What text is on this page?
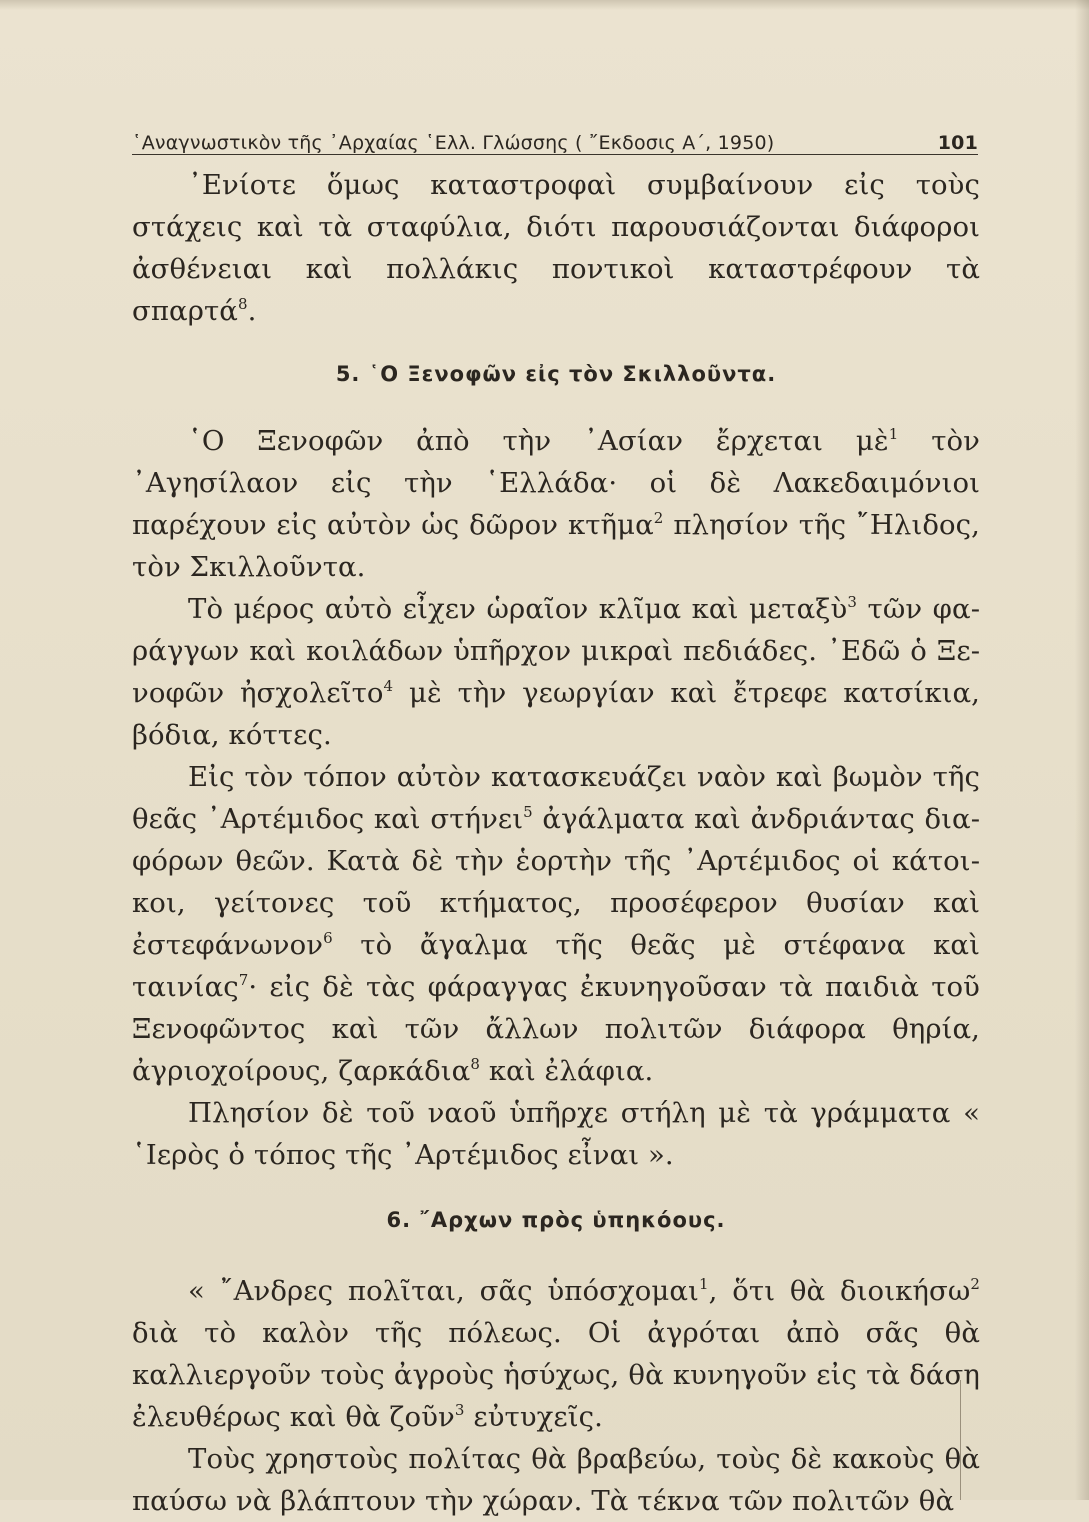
῾Αναγνωστικὸν τῆς ᾿Αρχαίας ῾Ελλ. Γλώσσης ( ῎Εκδοσις Α΄, 1950)	101

᾿Ενίοτε ὅμως καταστροφαὶ συμβαίνουν εἰς τοὺς στάχεις καὶ τὰ σταφύλια, διότι παρουσιάζονται διάφοροι ἀσθένειαι καὶ πολλάκις ποντικοὶ καταστρέφουν τὰ σπαρτά$^8$.

5. ῾Ο Ξενοφῶν εἰς τὸν Σκιλλοῦντα.

῾Ο Ξενοφῶν ἀπὸ τὴν ᾿Ασίαν ἔρχεται μὲ$^1$ τὸν ᾿Αγησίλαον εἰς τὴν ῾Ελλάδα· οἱ δὲ Λακεδαιμόνιοι παρέχουν εἰς αὐτὸν ὡς δῶρον κτῆμα$^2$ πλησίον τῆς ῎Ηλιδος, τὸν Σκιλλοῦντα.

Τὸ μέρος αὐτὸ εἶχεν ὡραῖον κλῖμα καὶ μεταξὺ$^3$ τῶν φαράγγων καὶ κοιλάδων ὑπῆρχον μικραὶ πεδιάδες. ᾿Εδῶ ὁ Ξενοφῶν ἠσχολεῖτο$^4$ μὲ τὴν γεωργίαν καὶ ἔτρεφε κατσίκια, βόδια, κόττες.

Εἰς τὸν τόπον αὐτὸν κατασκευάζει ναὸν καὶ βωμὸν τῆς θεᾶς ᾿Αρτέμιδος καὶ στήνει$^5$ ἀγάλματα καὶ ἀνδριάντας διαφόρων θεῶν. Κατὰ δὲ τὴν ἑορτὴν τῆς ᾿Αρτέμιδος οἱ κάτοικοι, γείτονες τοῦ κτήματος, προσέφερον θυσίαν καὶ ἐστεφάνωνον$^6$ τὸ ἄγαλμα τῆς θεᾶς μὲ στέφανα καὶ ταινίας$^7$· εἰς δὲ τὰς φάραγγας ἐκυνηγοῦσαν τὰ παιδιὰ τοῦ Ξενοφῶντος καὶ τῶν ἄλλων πολιτῶν διάφορα θηρία, ἀγριοχοίρους, ζαρκάδια$^8$ καὶ ἐλάφια.

Πλησίον δὲ τοῦ ναοῦ ὑπῆρχε στήλη μὲ τὰ γράμματα « ῾Ιερὸς ὁ τόπος τῆς ᾿Αρτέμιδος εἶναι ».

6. ῎Αρχων πρὸς ὑπηκόους.

« ῎Ανδρες πολῖται, σᾶς ὑπόσχομαι$^1$, ὅτι θὰ διοικήσω$^2$ διὰ τὸ καλὸν τῆς πόλεως. Οἱ ἀγρόται ἀπὸ σᾶς θὰ καλλιεργοῦν τοὺς ἀγροὺς ἡσύχως, θὰ κυνηγοῦν εἰς τὰ δάση ἐλευθέρως καὶ θὰ ζοῦν$^3$ εὐτυχεῖς.

Τοὺς χρηστοὺς πολίτας θὰ βραβεύω, τοὺς δὲ κακοὺς θὰ παύσω νὰ βλάπτουν τὴν χώραν. Τὰ τέκνα τῶν πολιτῶν θὰ
